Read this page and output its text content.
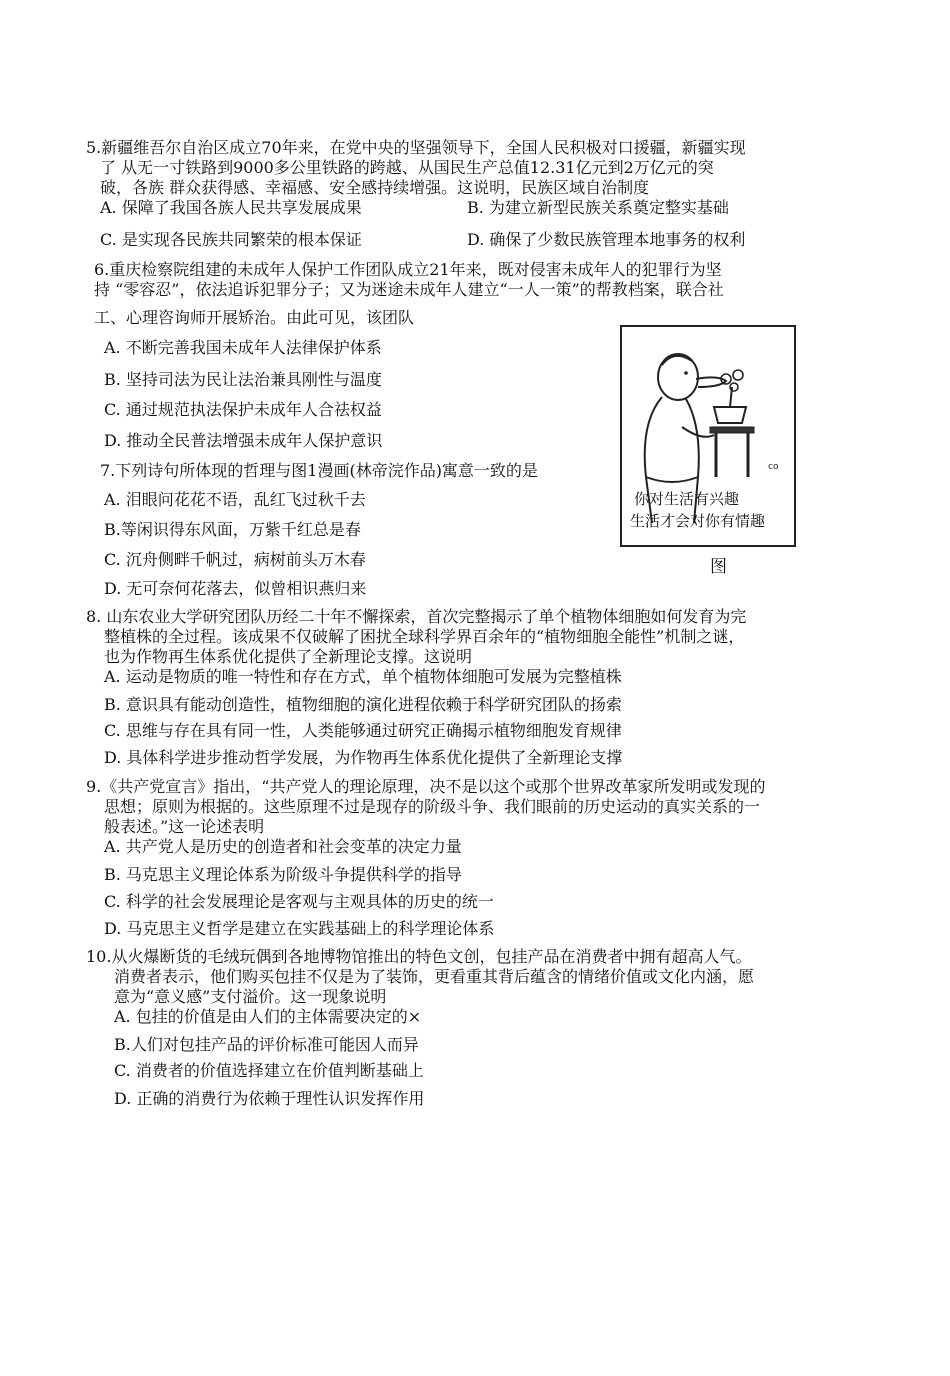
5.新疆维吾尔自治区成立70年来，在党中央的坚强领导下，全国人民积极对口援疆，新疆实现
了 从无一寸铁路到9000多公里铁路的跨越、从国民生产总值12.31亿元到2万亿元的突
破，各族 群众获得感、幸福感、安全感持续增强。这说明，民族区域自治制度
A. 保障了我国各族人民共享发展成果	B. 为建立新型民族关系奠定整实基础
C. 是实现各民族共同繁荣的根本保证	D. 确保了少数民族管理本地事务的权利
6.重庆检察院组建的未成年人保护工作团队成立21年来，既对侵害未成年人的犯罪行为坚
持 “零容忍”，依法追诉犯罪分子；又为迷途未成年人建立“一人一策”的帮教档案，联合社
工、心理咨询师开展矫治。由此可见，该团队
A. 不断完善我国未成年人法律保护体系
B. 坚持司法为民让法治兼具刚性与温度
C. 通过规范执法保护未成年人合祛权益
D. 推动全民普法增强未成年人保护意识
7.下列诗句所体现的哲理与图1漫画(林帝浣作品)寓意一致的是
A. 泪眼问花花不语，乱红飞过秋千去
B.等闲识得东风面，万紫千红总是春
C. 沉舟侧畔千帆过，病树前头万木春
D. 无可奈何花落去，似曾相识燕归来
co
你对生活有兴趣
生活才会对你有情趣
图
8. 山东农业大学研究团队历经二十年不懈探索，首次完整揭示了单个植物体细胞如何发育为完
整植株的全过程。该成果不仅破解了困扰全球科学界百余年的“植物细胞全能性”机制之谜，
也为作物再生体系优化提供了全新理论支撑。这说明
A. 运动是物质的唯一特性和存在方式，单个植物体细胞可发展为完整植株
B. 意识具有能动创造性，植物细胞的演化进程依赖于科学研究团队的扬索
C. 思维与存在具有同一性，人类能够通过研究正确揭示植物细胞发育规律
D. 具体科学进步推动哲学发展，为作物再生体系优化提供了全新理论支撑
9.《共产党宣言》指出，“共产党人的理论原理，决不是以这个或那个世界改革家所发明或发现的
思想；原则为根据的。这些原理不过是现存的阶级斗争、我们眼前的历史运动的真实关系的一
般表述。”这一论述表明
A. 共产党人是历史的创造者和社会变革的决定力量
B. 马克思主义理论体系为阶级斗争提供科学的指导
C. 科学的社会发展理论是客观与主观具体的历史的统一
D. 马克思主义哲学是建立在实践基础上的科学理论体系
10.从火爆断货的毛绒玩偶到各地博物馆推出的特色文创，包挂产品在消费者中拥有超高人气。
消费者表示，他们购买包挂不仅是为了装饰，更看重其背后蕴含的情绪价值或文化内涵，愿
意为“意义感”支付溢价。这一现象说明
A. 包挂的价值是由人们的主体需要决定的×
B.人们对包挂产品的评价标准可能因人而异
C. 消费者的价值选择建立在价值判断基础上
D. 正确的消费行为依赖于理性认识发挥作用
